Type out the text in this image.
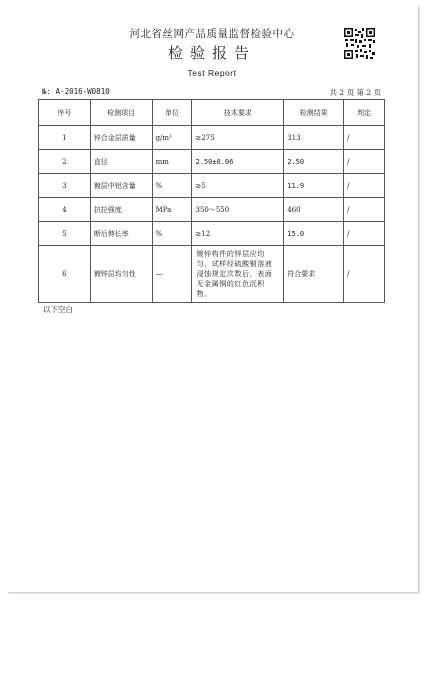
河北省丝网产品质量监督检验中心
检验报告
Test Report
№: A-2016-W0810	共 2 页 第 2 页
序号	检测项目	单位	技术要求	检测结果	判定
1	锌合金层质量	g/m²	≥275	313	/
2	直径	mm	2.50±0.06	2.50	/
3	镀层中铝含量	%	≥5	11.9	/
4	抗拉强度	MPa	350～550	460	/
5	断后伸长率	%	≥12	15.0	/
6	镀锌层均匀性	—	镀锌构件的锌层应均匀，试样经硫酸铜溶液浸蚀规定次数后，表面无金属铜的红色沉积物。	符合要求	/
以下空白
